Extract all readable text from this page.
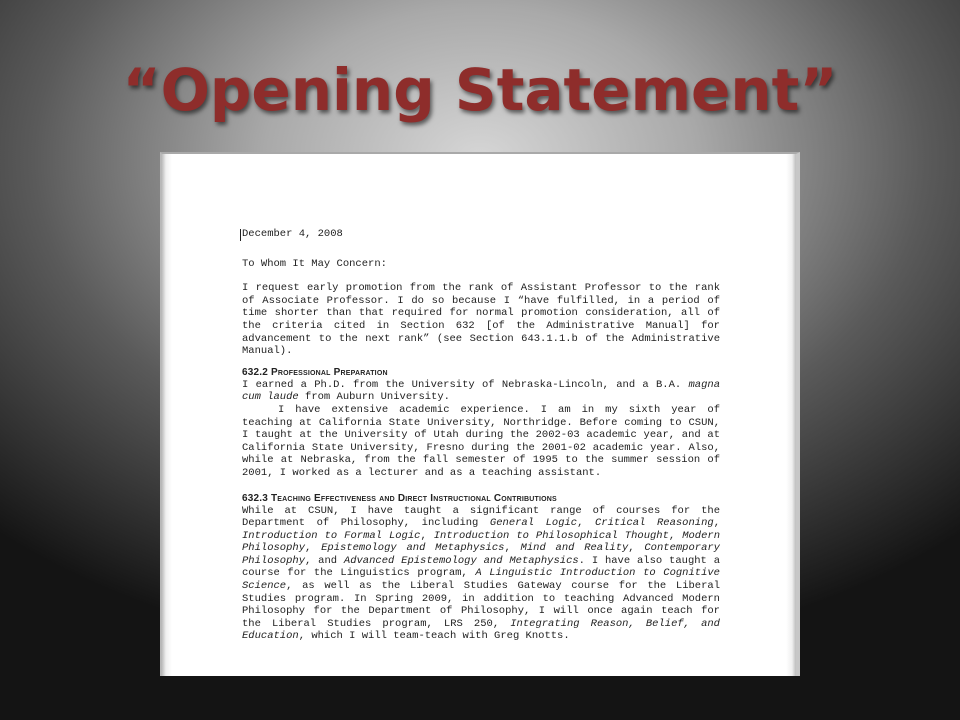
“Opening Statement”
December 4, 2008
To Whom It May Concern:
I request early promotion from the rank of Assistant Professor to the rank of Associate Professor. I do so because I “have fulfilled, in a period of time shorter than that required for normal promotion consideration, all of the criteria cited in Section 632 [of the Administrative Manual] for advancement to the next rank” (see Section 643.1.1.b of the Administrative Manual).
632.2 Professional Preparation
I earned a Ph.D. from the University of Nebraska-Lincoln, and a B.A. magna cum laude from Auburn University.
I have extensive academic experience. I am in my sixth year of teaching at California State University, Northridge. Before coming to CSUN, I taught at the University of Utah during the 2002-03 academic year, and at California State University, Fresno during the 2001-02 academic year. Also, while at Nebraska, from the fall semester of 1995 to the summer session of 2001, I worked as a lecturer and as a teaching assistant.
632.3 Teaching Effectiveness and Direct Instructional Contributions
While at CSUN, I have taught a significant range of courses for the Department of Philosophy, including General Logic, Critical Reasoning, Introduction to Formal Logic, Introduction to Philosophical Thought, Modern Philosophy, Epistemology and Metaphysics, Mind and Reality, Contemporary Philosophy, and Advanced Epistemology and Metaphysics. I have also taught a course for the Linguistics program, A Linguistic Introduction to Cognitive Science, as well as the Liberal Studies Gateway course for the Liberal Studies program. In Spring 2009, in addition to teaching Advanced Modern Philosophy for the Department of Philosophy, I will once again teach for the Liberal Studies program, LRS 250, Integrating Reason, Belief, and Education, which I will team-teach with Greg Knotts.
